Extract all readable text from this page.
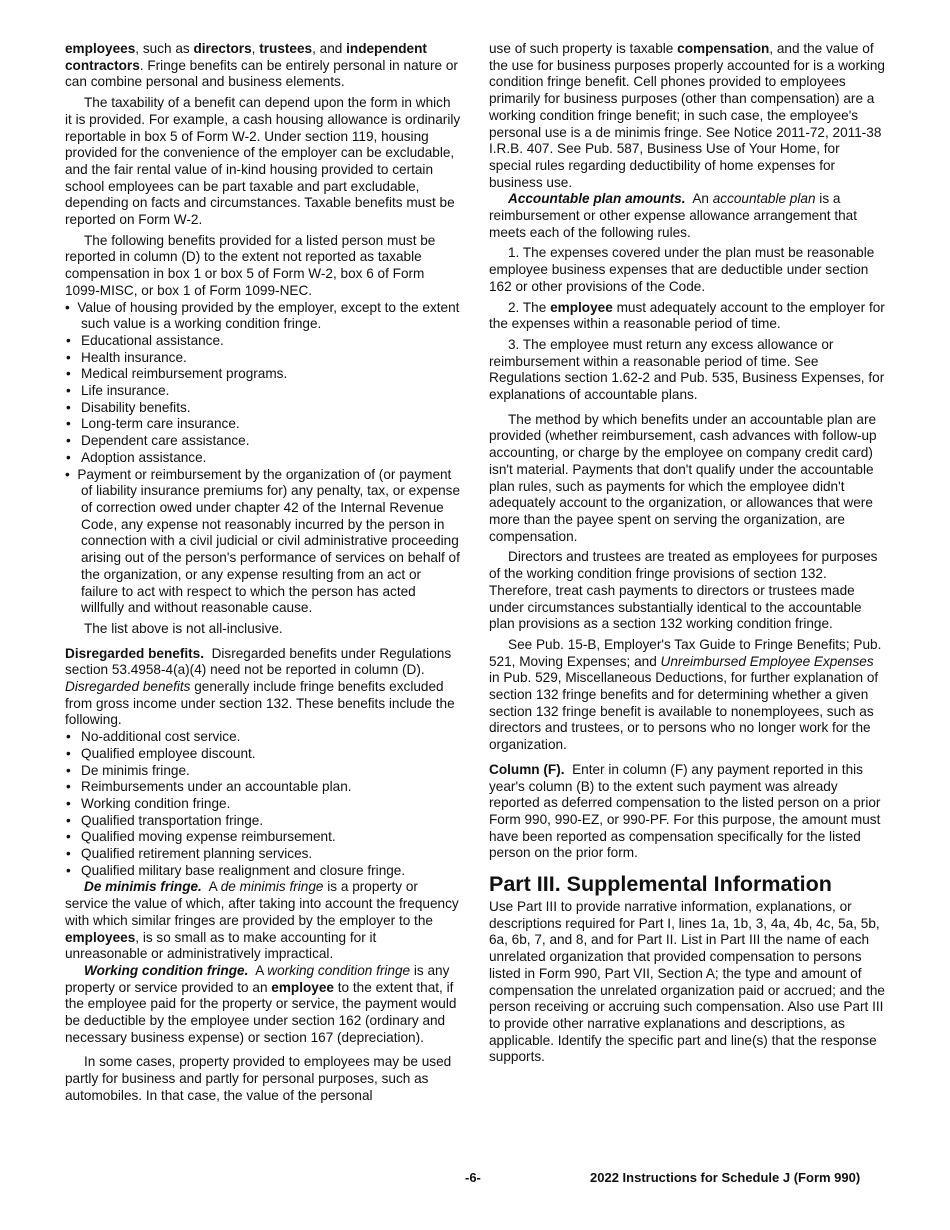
employees, such as directors, trustees, and independent contractors. Fringe benefits can be entirely personal in nature or can combine personal and business elements.

The taxability of a benefit can depend upon the form in which it is provided. For example, a cash housing allowance is ordinarily reportable in box 5 of Form W-2. Under section 119, housing provided for the convenience of the employer can be excludable, and the fair rental value of in-kind housing provided to certain school employees can be part taxable and part excludable, depending on facts and circumstances. Taxable benefits must be reported on Form W-2.

The following benefits provided for a listed person must be reported in column (D) to the extent not reported as taxable compensation in box 1 or box 5 of Form W-2, box 6 of Form 1099-MISC, or box 1 of Form 1099-NEC.

•  Value of housing provided by the employer, except to the extent such value is a working condition fringe.

• Educational assistance.

• Health insurance.

• Medical reimbursement programs.

• Life insurance.

• Disability benefits.

• Long-term care insurance.

• Dependent care assistance.

• Adoption assistance.

•  Payment or reimbursement by the organization of (or payment of liability insurance premiums for) any penalty, tax, or expense of correction owed under chapter 42 of the Internal Revenue Code, any expense not reasonably incurred by the person in connection with a civil judicial or civil administrative proceeding arising out of the person's performance of services on behalf of the organization, or any expense resulting from an act or failure to act with respect to which the person has acted willfully and without reasonable cause.

The list above is not all-inclusive.

Disregarded benefits. Disregarded benefits under Regulations section 53.4958-4(a)(4) need not be reported in column (D). Disregarded benefits generally include fringe benefits excluded from gross income under section 132. These benefits include the following.

• No-additional cost service.

• Qualified employee discount.

• De minimis fringe.

• Reimbursements under an accountable plan.

• Working condition fringe.

• Qualified transportation fringe.

• Qualified moving expense reimbursement.

• Qualified retirement planning services.

• Qualified military base realignment and closure fringe.

De minimis fringe. A de minimis fringe is a property or service the value of which, after taking into account the frequency with which similar fringes are provided by the employer to the employees, is so small as to make accounting for it unreasonable or administratively impractical.

Working condition fringe. A working condition fringe is any property or service provided to an employee to the extent that, if the employee paid for the property or service, the payment would be deductible by the employee under section 162 (ordinary and necessary business expense) or section 167 (depreciation).

In some cases, property provided to employees may be used partly for business and partly for personal purposes, such as automobiles. In that case, the value of the personal

use of such property is taxable compensation, and the value of the use for business purposes properly accounted for is a working condition fringe benefit. Cell phones provided to employees primarily for business purposes (other than compensation) are a working condition fringe benefit; in such case, the employee's personal use is a de minimis fringe. See Notice 2011-72, 2011-38 I.R.B. 407. See Pub. 587, Business Use of Your Home, for special rules regarding deductibility of home expenses for business use.

Accountable plan amounts. An accountable plan is a reimbursement or other expense allowance arrangement that meets each of the following rules.

1. The expenses covered under the plan must be reasonable employee business expenses that are deductible under section 162 or other provisions of the Code.

2. The employee must adequately account to the employer for the expenses within a reasonable period of time.

3. The employee must return any excess allowance or reimbursement within a reasonable period of time. See Regulations section 1.62-2 and Pub. 535, Business Expenses, for explanations of accountable plans.

The method by which benefits under an accountable plan are provided (whether reimbursement, cash advances with follow-up accounting, or charge by the employee on company credit card) isn't material. Payments that don't qualify under the accountable plan rules, such as payments for which the employee didn't adequately account to the organization, or allowances that were more than the payee spent on serving the organization, are compensation.

Directors and trustees are treated as employees for purposes of the working condition fringe provisions of section 132. Therefore, treat cash payments to directors or trustees made under circumstances substantially identical to the accountable plan provisions as a section 132 working condition fringe.

See Pub. 15-B, Employer's Tax Guide to Fringe Benefits; Pub. 521, Moving Expenses; and Unreimbursed Employee Expenses in Pub. 529, Miscellaneous Deductions, for further explanation of section 132 fringe benefits and for determining whether a given section 132 fringe benefit is available to nonemployees, such as directors and trustees, or to persons who no longer work for the organization.

Column (F). Enter in column (F) any payment reported in this year's column (B) to the extent such payment was already reported as deferred compensation to the listed person on a prior Form 990, 990-EZ, or 990-PF. For this purpose, the amount must have been reported as compensation specifically for the listed person on the prior form.

Part III. Supplemental Information

Use Part III to provide narrative information, explanations, or descriptions required for Part I, lines 1a, 1b, 3, 4a, 4b, 4c, 5a, 5b, 6a, 6b, 7, and 8, and for Part II. List in Part III the name of each unrelated organization that provided compensation to persons listed in Form 990, Part VII, Section A; the type and amount of compensation the unrelated organization paid or accrued; and the person receiving or accruing such compensation. Also use Part III to provide other narrative explanations and descriptions, as applicable. Identify the specific part and line(s) that the response supports.

-6-	2022 Instructions for Schedule J (Form 990)
